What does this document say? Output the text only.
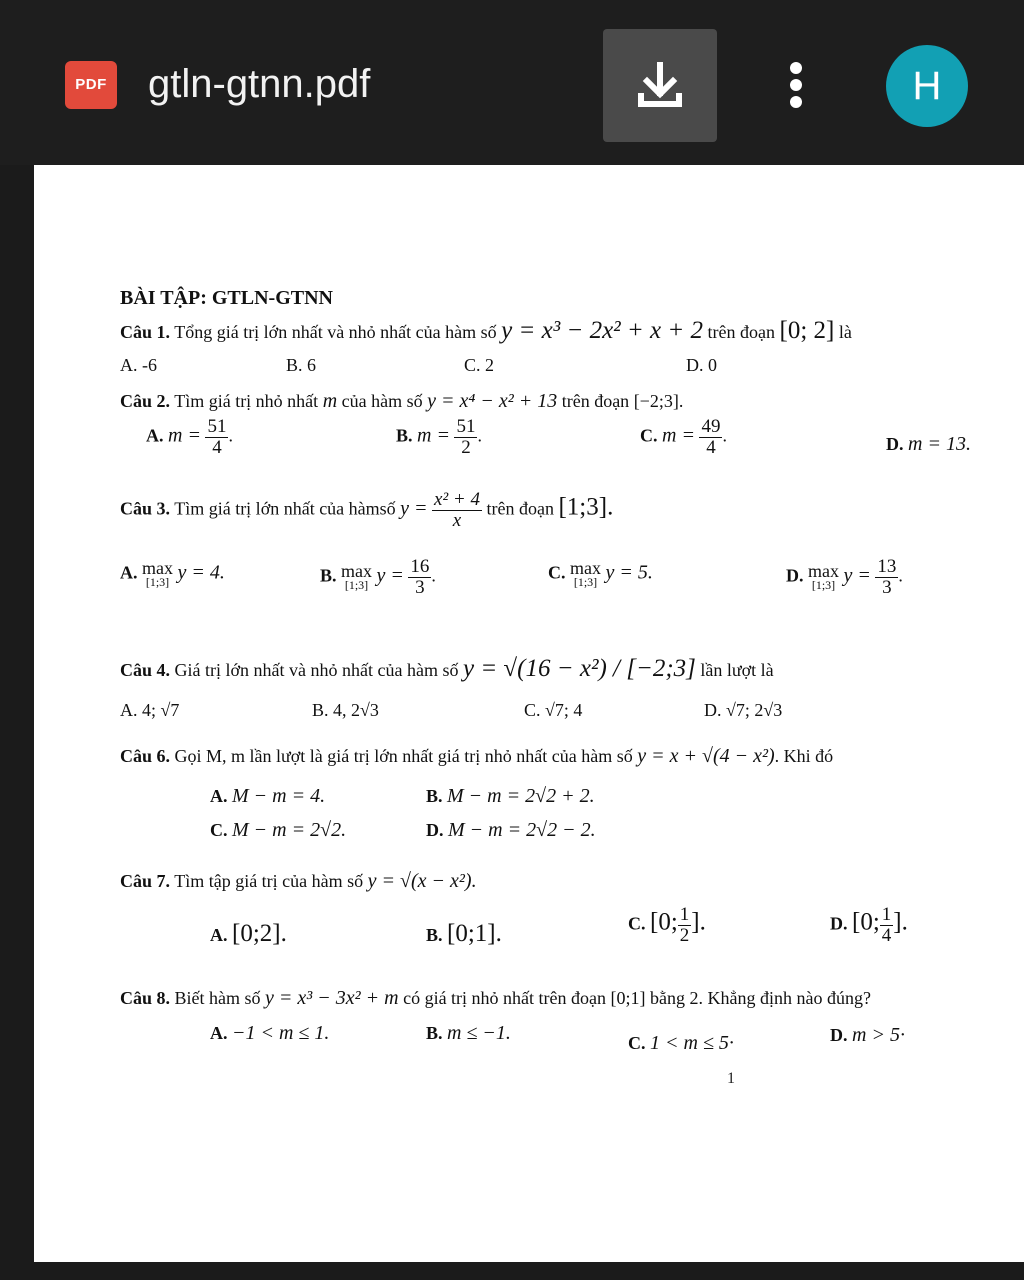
PDF gtln-gtnn.pdf	H
BÀI TẬP: GTLN-GTNN
Câu 1. Tổng giá trị lớn nhất và nhỏ nhất của hàm số y = x³ − 2x² + x + 2 trên đoạn [0; 2] là
A. -6	B. 6	C. 2	D. 0
Câu 2. Tìm giá trị nhỏ nhất m của hàm số y = x⁴ − x² + 13 trên đoạn [−2;3].
A. $m = \frac{51}{4}$ .	B. $m = \frac{51}{2}$ .	C. $m = \frac{49}{4}$ .	D. m = 13.
Câu 3. Tìm giá trị lớn nhất của hàmsố $y = \frac{\text{x² + 4}}{x}$ trên đoạn [1;3].
A. max
[1;3] y = 4.	B. max
[1;3] $y = \frac{16}{3}$ .	C. max
[1;3] y = 5.	D. max
[1;3] $y = \frac{13}{3}$ .
Câu 4. Giá trị lớn nhất và nhỏ nhất của hàm số y = √(16 − x²) / [−2;3] lần lượt là
A. 4; √7	B. 4, 2√3	C. √7; 4	D. √7; 2√3
Câu 6. Gọi M, m lần lượt là giá trị lớn nhất giá trị nhỏ nhất của hàm số y = x + √(4 − x²). Khi đó
A. M − m = 4.	B. M − m = 2√2 + 2.
C. M − m = 2√2.	D. M − m = 2√2 − 2.
Câu 7. Tìm tập giá trị của hàm số y = √(x − x²).
A. [0;2].	B. [0;1].	C. [0; $\frac{1}{2}$ ].	D. [0; $\frac{1}{4}$ ].
Câu 8. Biết hàm số y = x³ − 3x² + m có giá trị nhỏ nhất trên đoạn [0;1] bằng 2. Khẳng định nào đúng?
A. −1 < m ≤ 1.	B. m ≤ −1.	C. 1 < m ≤ 5·	D. m > 5·
1
